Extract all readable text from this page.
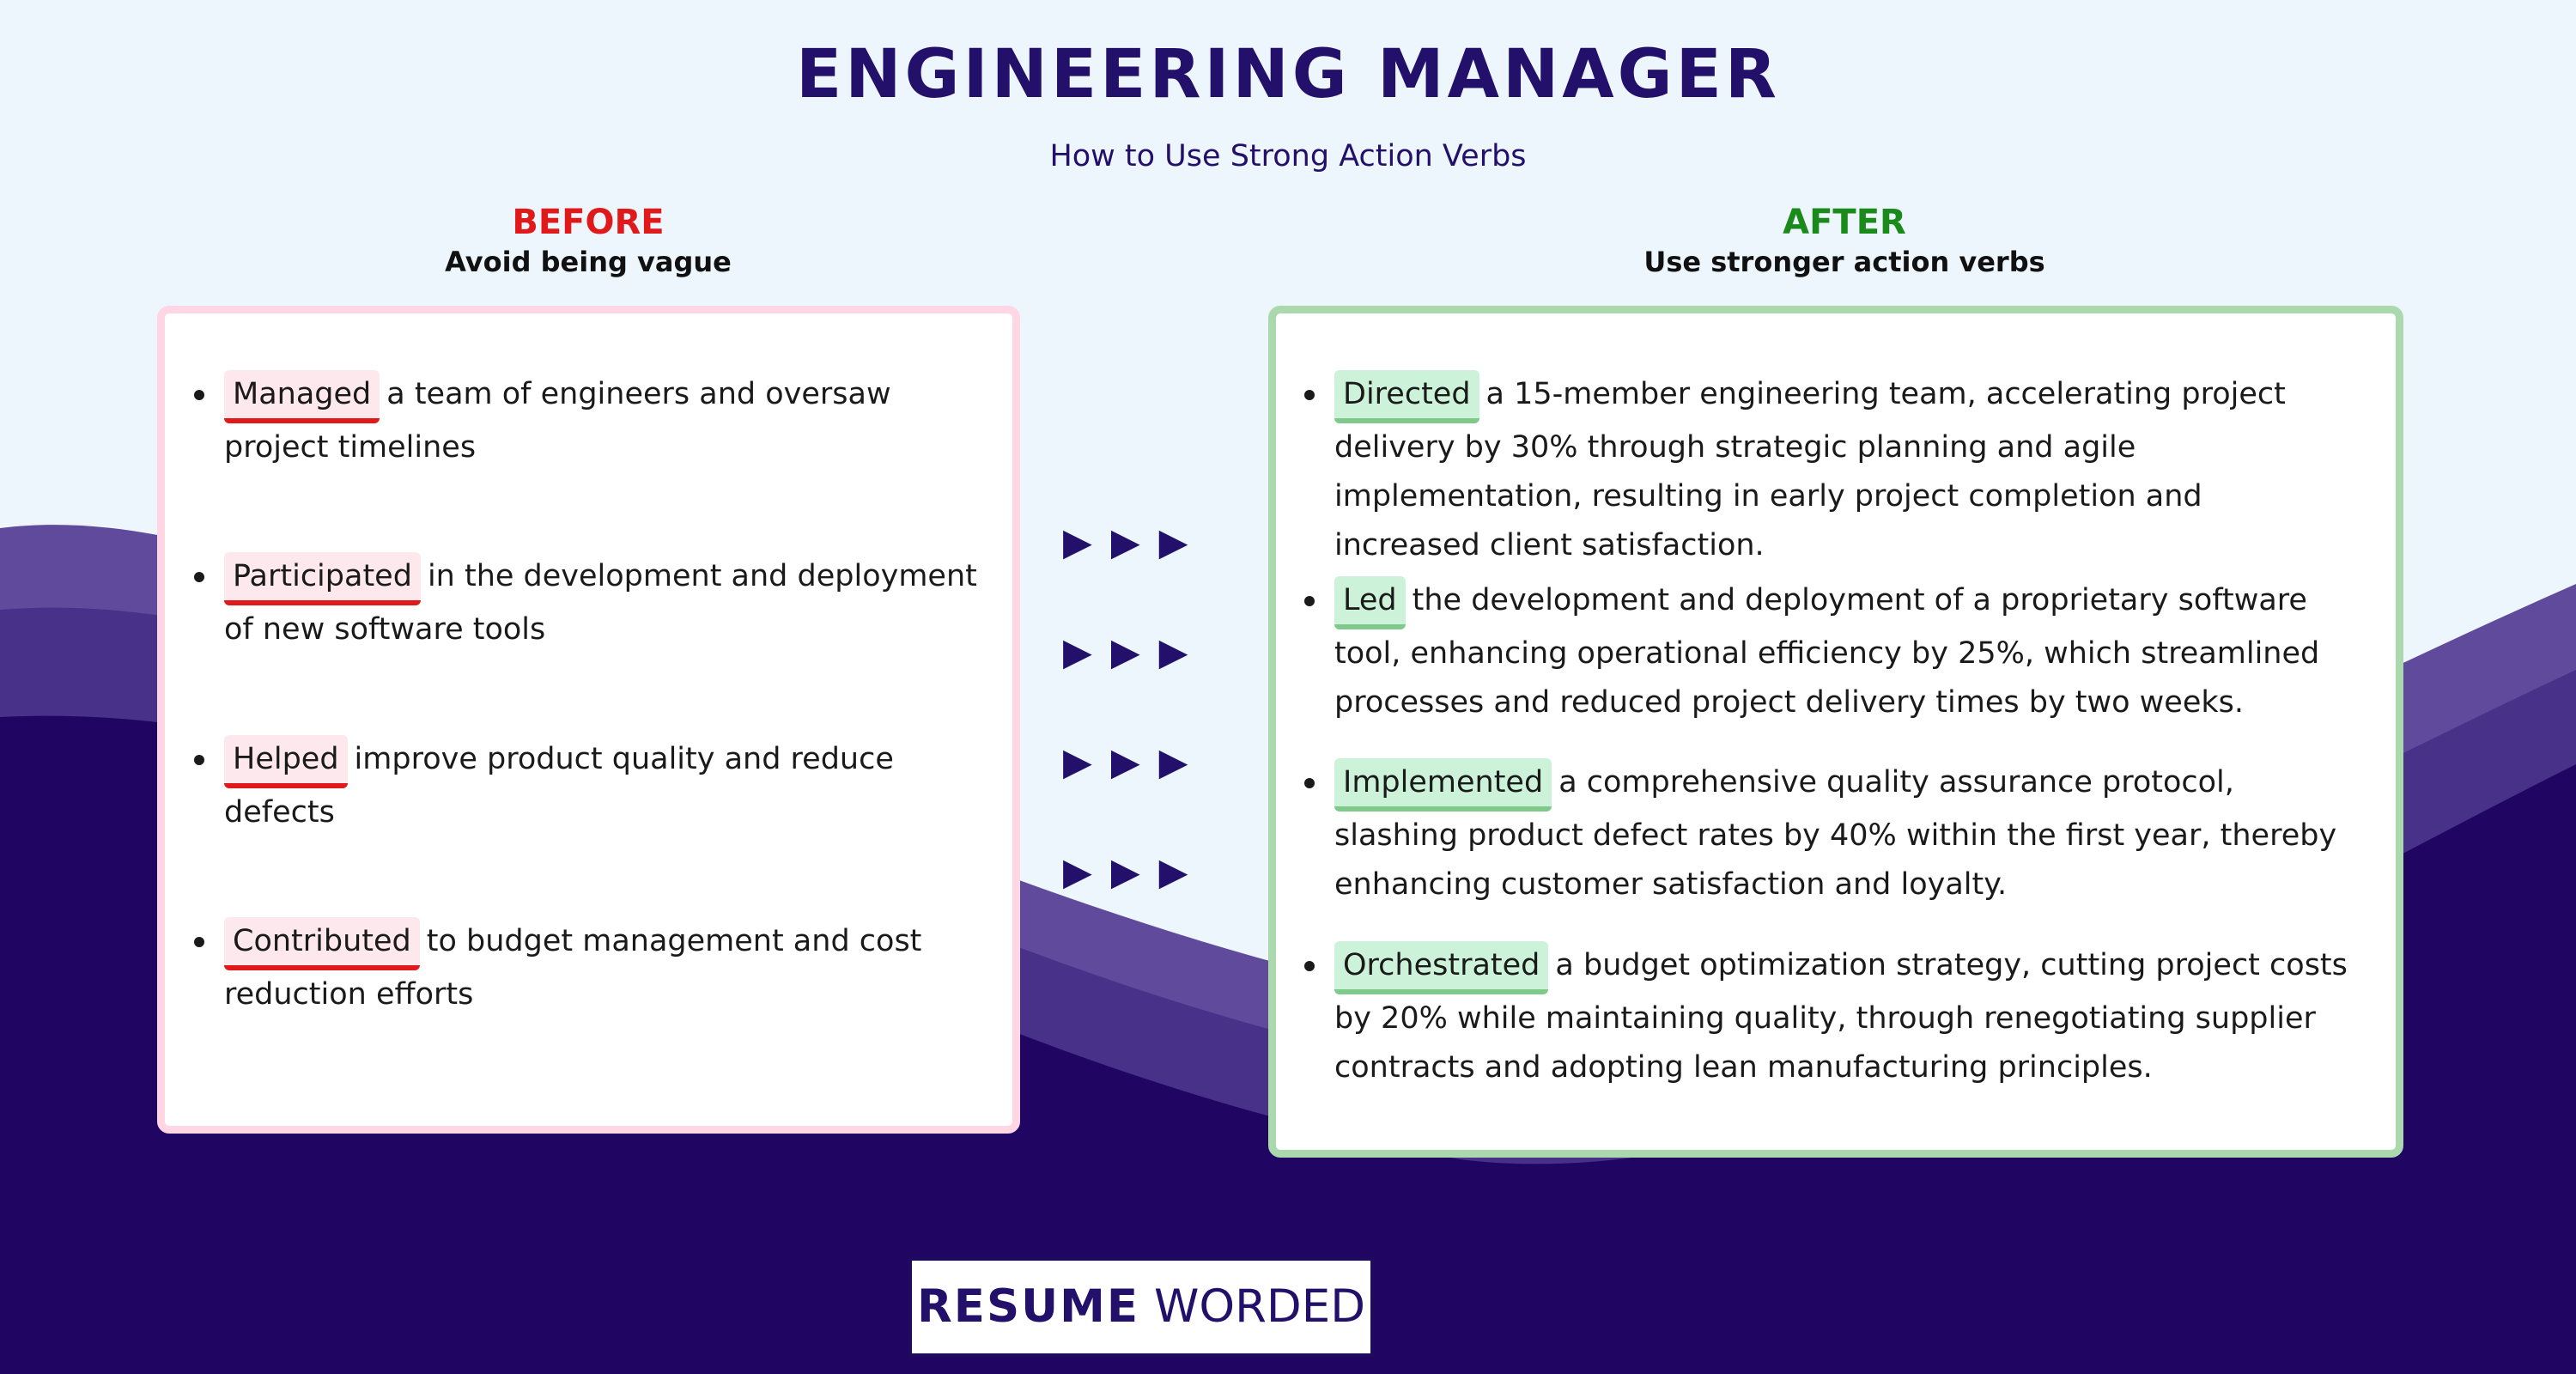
ENGINEERING MANAGER
How to Use Strong Action Verbs
BEFORE
Avoid being vague
AFTER
Use stronger action verbs
Managed a team of engineers and oversaw project timelines
Participated in the development and deployment of new software tools
Helped improve product quality and reduce defects
Contributed to budget management and cost reduction efforts
▶▶▶
▶▶▶
▶▶▶
▶▶▶
Directed a 15-member engineering team, accelerating project delivery by 30% through strategic planning and agile implementation, resulting in early project completion and increased client satisfaction.
Led the development and deployment of a proprietary software tool, enhancing operational efficiency by 25%, which streamlined processes and reduced project delivery times by two weeks.
Implemented a comprehensive quality assurance protocol, slashing product defect rates by 40% within the first year, thereby enhancing customer satisfaction and loyalty.
Orchestrated a budget optimization strategy, cutting project costs by 20% while maintaining quality, through renegotiating supplier contracts and adopting lean manufacturing principles.
RESUME WORDED
